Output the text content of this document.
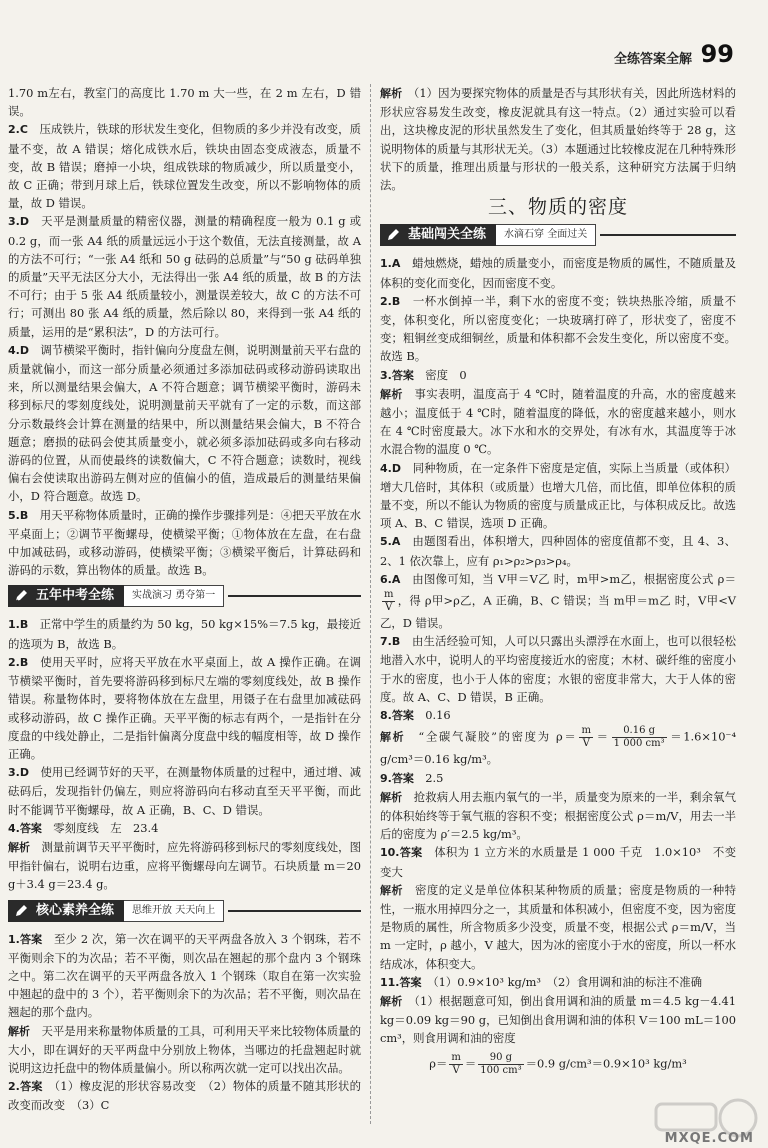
全练答案全解 99

1.70 m左右，教室门的高度比 1.70 m 大一些，在 2 m 左右，D 错误。

2.C　 压成铁片，铁球的形状发生变化，但物质的多少并没有改变，质量不变，故 A 错误；熔化成铁水后，铁块由固态变成液态，质量不变，故 B 错误；磨掉一小块，组成铁球的物质减少，所以质量变小，故 C 正确；带到月球上后，铁球位置发生改变，所以不影响物体的质量，故 D 错误。

3.D　 天平是测量质量的精密仪器，测量的精确程度一般为 0.1 g 或 0.2 g，而一张 A4 纸的质量远远小于这个数值，无法直接测量，故 A 的方法不可行；“一张 A4 纸和 50 g 砝码的总质量”与“50 g 砝码单独的质量”天平无法区分大小，无法得出一张 A4 纸的质量，故 B 的方法不可行；由于 5 张 A4 纸质量较小，测量误差较大，故 C 的方法不可行；可测出 80 张 A4 纸的质量，然后除以 80，来得到一张 A4 纸的质量，运用的是“累积法”，D 的方法可行。

4.D　 调节横梁平衡时，指针偏向分度盘左侧，说明测量前天平右盘的质量就偏小，而这一部分质量必须通过多添加砝码或移动游码读取出来，所以测量结果会偏大，A 不符合题意；调节横梁平衡时，游码未移到标尺的零刻度线处，说明测量前天平就有了一定的示数，而这部分示数最终会计算在测量的结果中，所以测量结果会偏大，B 不符合题意；磨损的砝码会使其质量变小，就必须多添加砝码或多向右移动游码的位置，从而使最终的读数偏大，C 不符合题意；读数时，视线偏右会使读取出游码左侧对应的值偏小的值，造成最后的测量结果偏小，D 符合题意。故选 D。

5.B　 用天平称物体质量时，正确的操作步骤排列是：④把天平放在水平桌面上；②调节平衡螺母，使横梁平衡；①物体放在左盘，在右盘中加减砝码，或移动游码，使横梁平衡；③横梁平衡后，计算砝码和游码的示数，算出物体的质量。故选 B。

五年中考全练	实战演习 勇夺第一

1.B　 正常中学生的质量约为 50 kg，50 kg×15%＝7.5 kg，最接近的选项为 B，故选 B。

2.B　 使用天平时，应将天平放在水平桌面上，故 A 操作正确。在调节横梁平衡时，首先要将游码移到标尺左端的零刻度线处，故 B 操作错误。称量物体时，要将物体放在左盘里，用镊子在右盘里加减砝码或移动游码，故 C 操作正确。天平平衡的标志有两个，一是指针在分度盘的中线处静止，二是指针偏离分度盘中线的幅度相等，故 D 操作正确。

3.D　 使用已经调节好的天平，在测量物体质量的过程中，通过增、减砝码后，发现指针仍偏左，则应将游码向右移动直至天平平衡，而此时不能调节平衡螺母，故 A 正确，B、C、D 错误。

4.答案　 零刻度线　左　23.4

解析　 测量前调节天平平衡时，应先将游码移到标尺的零刻度线处，图甲指针偏右，说明右边重，应将平衡螺母向左调节。石块质量 m＝20 g＋3.4 g＝23.4 g。

核心素养全练	思维开放 天天向上

1.答案　 至少 2 次，第一次在调平的天平两盘各放入 3 个钢珠，若不平衡则余下的为次品；若不平衡，则次品在翘起的那个盘内 3 个钢珠之中。第二次在调平的天平两盘各放入 1 个钢珠（取自在第一次实验中翘起的盘中的 3 个），若平衡则余下的为次品；若不平衡，则次品在翘起的那个盘内。

解析　 天平是用来称量物体质量的工具，可利用天平来比较物体质量的大小，即在调好的天平两盘中分别放上物体，当哪边的托盘翘起时就说明这边托盘中的物体质量偏小。所以称两次就一定可以找出次品。

2.答案　 （1）橡皮泥的形状容易改变　（2）物体的质量不随其形状的改变而改变　（3）C

解析　 （1）因为要探究物体的质量是否与其形状有关，因此所选材料的形状应容易发生改变，橡皮泥就具有这一特点。（2）通过实验可以看出，这块橡皮泥的形状虽然发生了变化，但其质量始终等于 28 g，这说明物体的质量与其形状无关。（3）本题通过比较橡皮泥在几种特殊形状下的质量，推理出质量与形状的一般关系，这种研究方法属于归纳法。

三、物质的密度
基础闯关全练	水滴石穿 全面过关

1.A　 蜡烛燃烧，蜡烛的质量变小，而密度是物质的属性，不随质量及体积的变化而变化，因而密度不变。

2.B　 一杯水倒掉一半，剩下水的密度不变；铁块热胀冷缩，质量不变，体积变化，所以密度变化；一块玻璃打碎了，形状变了，密度不变；粗铜丝变成细铜丝，质量和体积都不会发生变化，所以密度不变。故选 B。

3.答案　 密度　0

解析　 事实表明，温度高于 4 ℃时，随着温度的升高，水的密度越来越小；温度低于 4 ℃时，随着温度的降低，水的密度越来越小，则水在 4 ℃时密度最大。冰下水和水的交界处，有冰有水，其温度等于冰水混合物的温度 0 ℃。

4.D　 同种物质，在一定条件下密度是定值，实际上当质量（或体积）增大几倍时，其体积（或质量）也增大几倍，而比值，即单位体积的质量不变，所以不能认为物质的密度与质量成正比，与体积成反比。故选项 A、B、C 错误，选项 D 正确。

5.A　 由题图看出，体积增大，四种固体的密度值都不变，且 4、3、2、1 依次靠上，应有 ρ₁>ρ₂>ρ₃>ρ₄。

6.A　 由图像可知，当 V甲＝V乙 时，m甲>m乙，根据密度公式 ρ＝
$\frac{m}{V}$ ，得 ρ甲>ρ乙，A 正确，B、C 错误；当 m甲＝m乙 时，V甲<V乙，D 错误。

7.B　 由生活经验可知，人可以只露出头漂浮在水面上，也可以很轻松地潜入水中，说明人的平均密度接近水的密度；木材、碳纤维的密度小于水的密度，也小于人体的密度；水银的密度非常大，大于人体的密度。故 A、C、D 错误，B 正确。

8.答案　 0.16

解析　 “全碳气凝胶”的密度为 $\rho= \frac{m}{V} = \frac{0.16 g}{\text{1 000 cm³}} =1.6\times 10^{-4}$ g/cm³＝0.16 kg/m³。

9.答案　 2.5

解析　 抢救病人用去瓶内氧气的一半，质量变为原来的一半，剩余氧气的体积始终等于氧气瓶的容积不变；根据密度公式 ρ＝m/V，用去一半后的密度为 ρ′＝2.5 kg/m³。

10.答案　 体积为 1 立方米的水质量是 1 000 千克　1.0×10³　不变　变大

解析　 密度的定义是单位体积某种物质的质量；密度是物质的一种特性，一瓶水用掉四分之一，其质量和体积减小，但密度不变，因为密度是物质的属性，所含物质多少没变，质量不变，根据公式 ρ＝m/V，当 m 一定时，ρ 越小，V 越大，因为冰的密度小于水的密度，所以一杯水结成冰，体积变大。

11.答案　 （1）0.9×10³ kg/m³　（2）食用调和油的标注不准确

解析　 （1）根据题意可知，倒出食用调和油的质量 m＝4.5 kg－4.41 kg＝0.09 kg＝90 g，已知倒出食用调和油的体积 V＝100 mL＝100 cm³，则食用调和油的密度

$\rho= \frac{m}{V} = \frac{90 g}{\text{100 cm³}} =0.9$ g/cm³＝0.9×10³ kg/m³

MXQE.COM
